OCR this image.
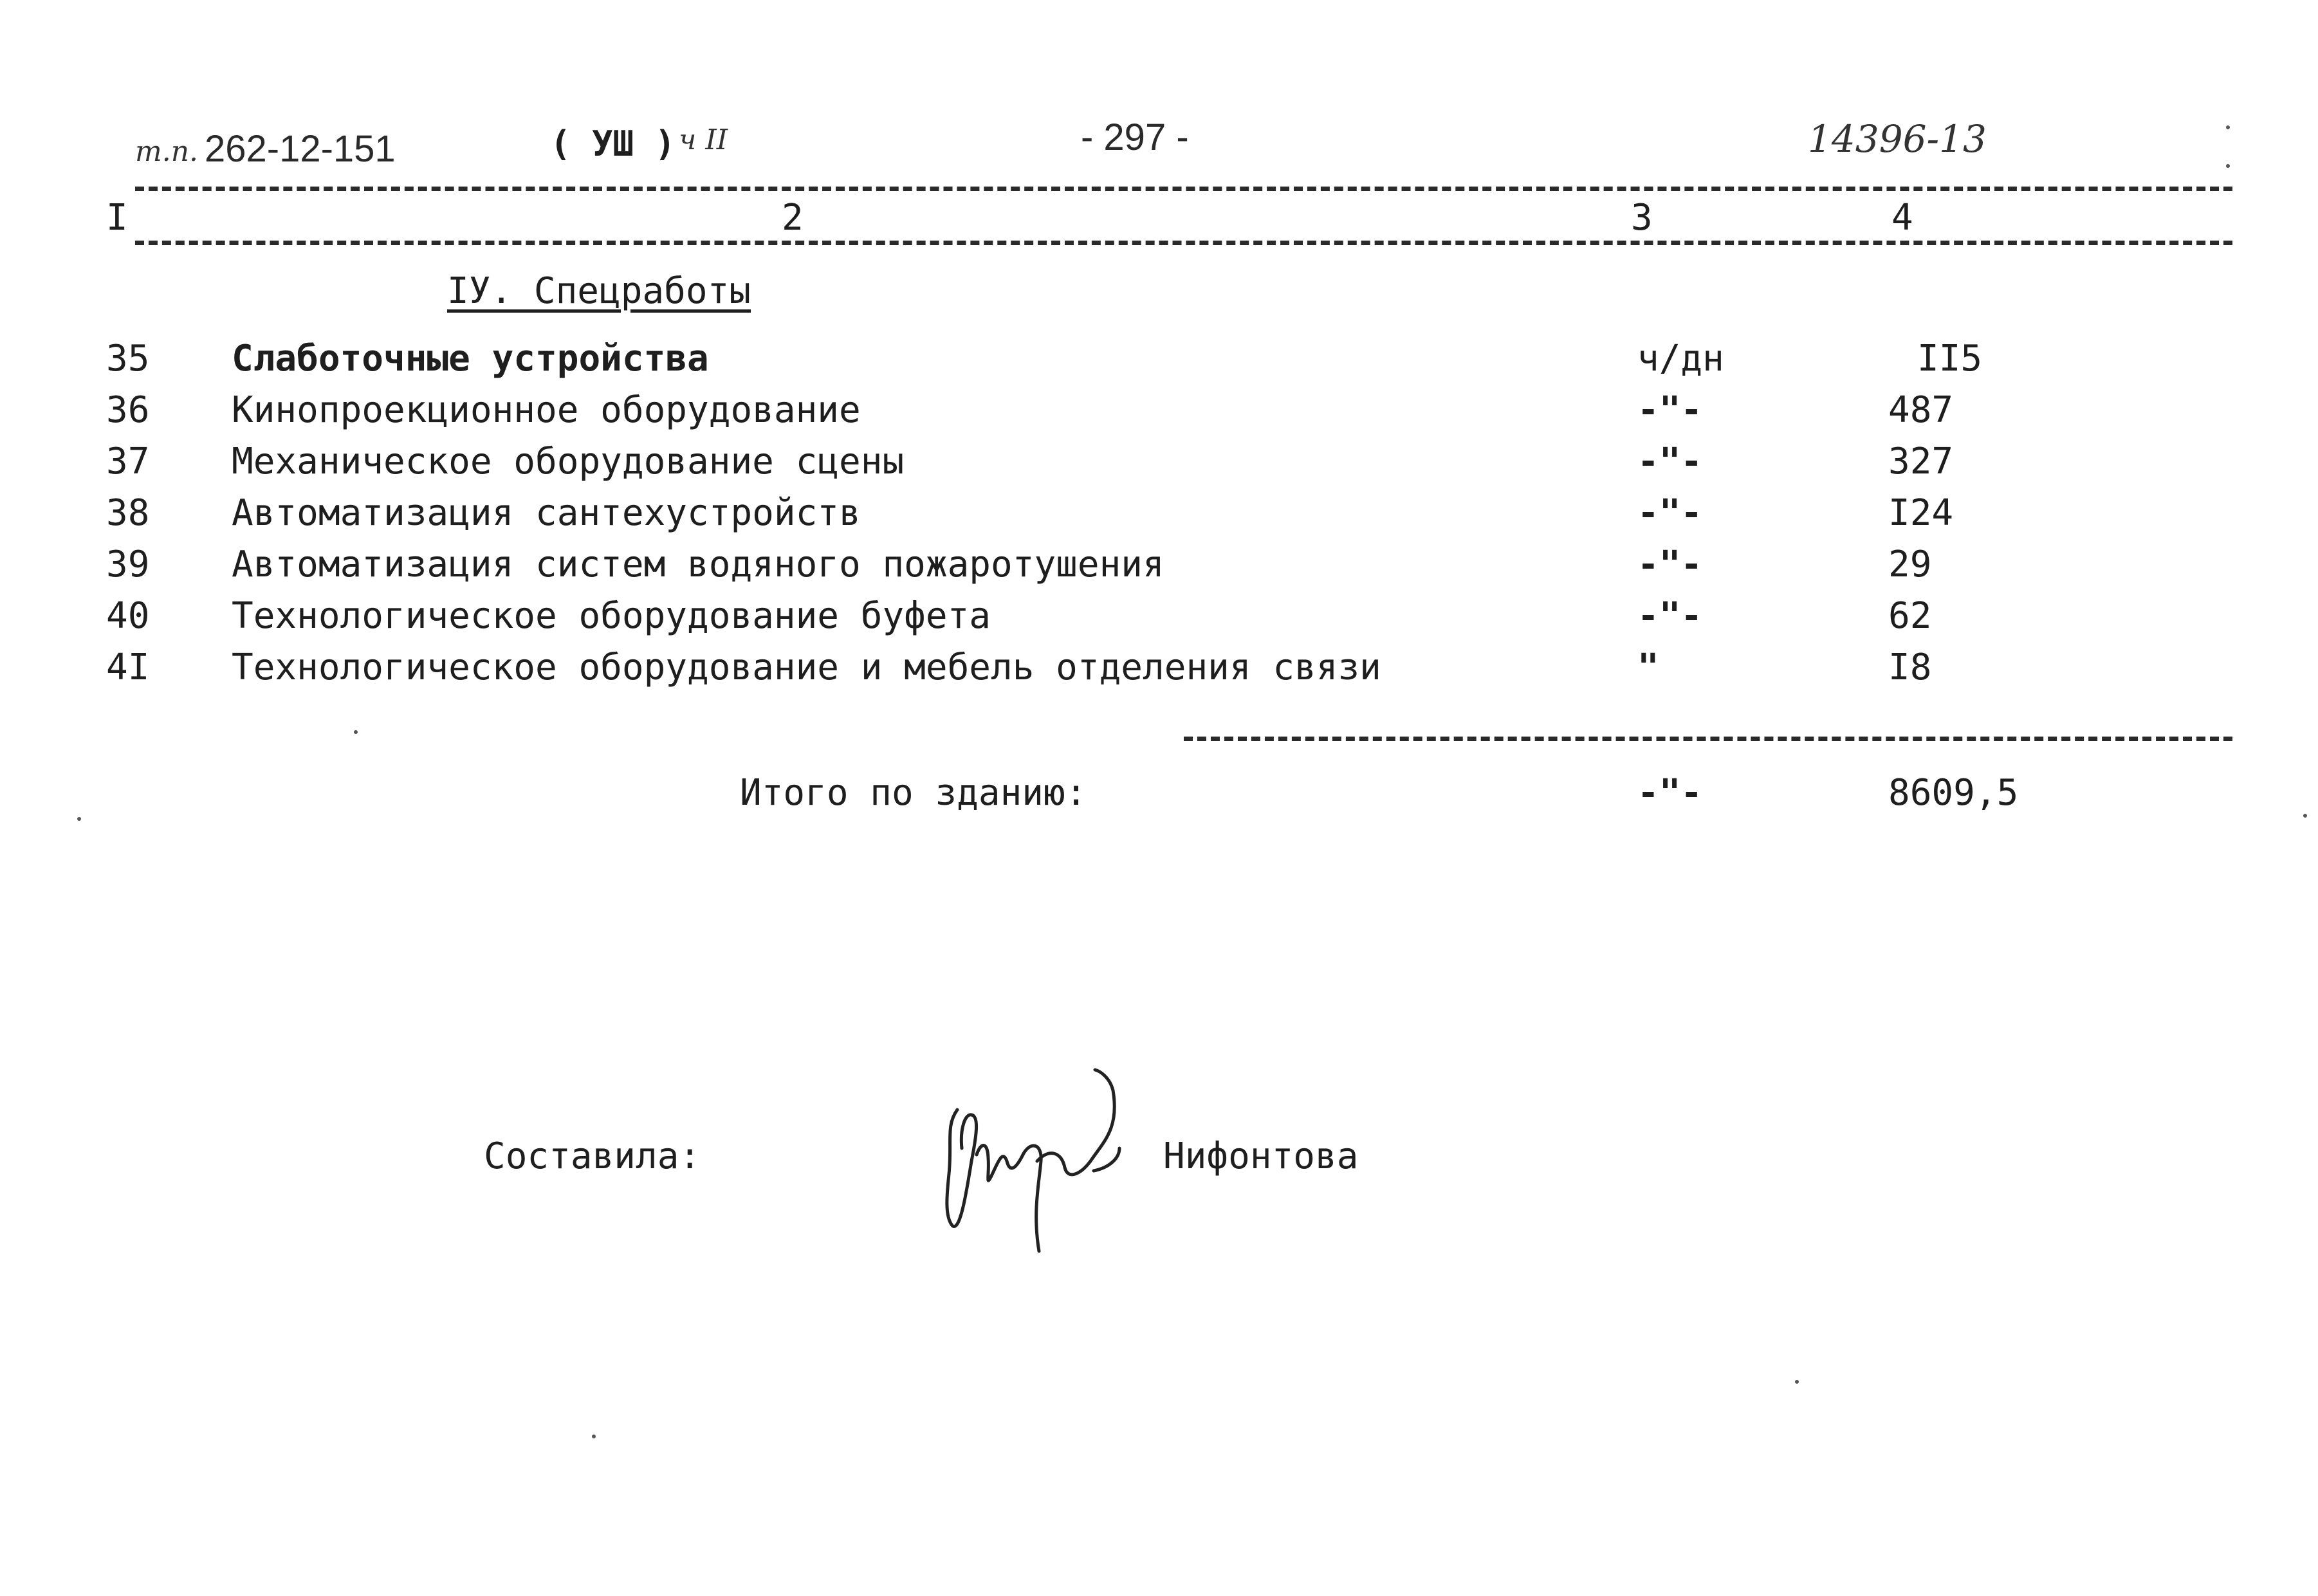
т.п. 262-12-151	( УШ ) ч II	- 297 -	14396-13
I	2	3	4
IУ. Спецработы
35 Слаботочные устройства	ч/дн	II5
36 Кинопроекционное оборудование	-"-	487
37 Механическое оборудование сцены	-"-	327
38 Автоматизация сантехустройств	-"-	I24
39 Автоматизация систем водяного пожаротушения	-"-	29
40 Технологическое оборудование буфета	-"-	62
4I Технологическое оборудование и мебель отделения связи	"	I8
Итого по зданию:	-"-	8609,5
Составила:	Нифонтова
